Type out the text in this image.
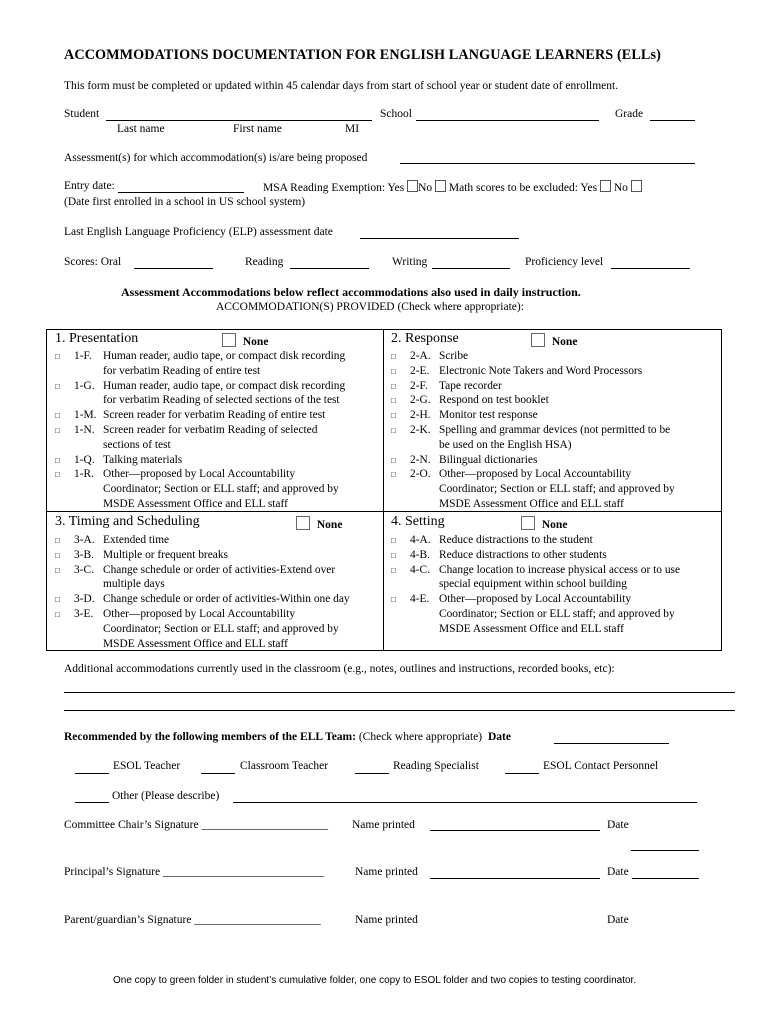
ACCOMMODATIONS DOCUMENTATION FOR ENGLISH LANGUAGE LEARNERS (ELLs)
This form must be completed or updated within 45 calendar days from start of school year or student date of enrollment.
Student
Last name	First name	MI
School	Grade
Assessment(s) for which accommodation(s) is/are being proposed
Entry date:
(Date first enrolled in a school in US school system)
MSA Reading Exemption: Yes No Math scores to be excluded: Yes No
Last English Language Proficiency (ELP) assessment date
Scores: Oral	Reading	Writing	Proficiency level
Assessment Accommodations below reflect accommodations also used in daily instruction.
ACCOMMODATION(S) PROVIDED (Check where appropriate):
1. Presentation	None	2. Response	None
3. Timing and Scheduling	None	4. Setting	None
□ 1-F. Human reader, audio tape, or compact disk recording
for verbatim Reading of entire test
□ 1-G. Human reader, audio tape, or compact disk recording
for verbatim Reading of selected sections of the test
□ 1-M. Screen reader for verbatim Reading of entire test
□ 1-N. Screen reader for verbatim Reading of selected
sections of test
□ 1-Q. Talking materials
□ 1-R. Other—proposed by Local Accountability
Coordinator; Section or ELL staff; and approved by
MSDE Assessment Office and ELL staff
□ 2-A. Scribe
□ 2-E. Electronic Note Takers and Word Processors
□ 2-F. Tape recorder
□ 2-G. Respond on test booklet
□ 2-H. Monitor test response
□ 2-K. Spelling and grammar devices (not permitted to be
be used on the English HSA)
□ 2-N. Bilingual dictionaries
□ 2-O. Other—proposed by Local Accountability
Coordinator; Section or ELL staff; and approved by
MSDE Assessment Office and ELL staff
□ 3-A. Extended time
□ 3-B. Multiple or frequent breaks
□ 3-C. Change schedule or order of activities-Extend over
multiple days
□ 3-D. Change schedule or order of activities-Within one day
□ 3-E. Other—proposed by Local Accountability
Coordinator; Section or ELL staff; and approved by
MSDE Assessment Office and ELL staff
□ 4-A. Reduce distractions to the student
□ 4-B. Reduce distractions to other students
□ 4-C. Change location to increase physical access or to use
special equipment within school building
□ 4-E. Other—proposed by Local Accountability
Coordinator; Section or ELL staff; and approved by
MSDE Assessment Office and ELL staff
Additional accommodations currently used in the classroom (e.g., notes, outlines and instructions, recorded books, etc):
Recommended by the following members of the ELL Team: (Check where appropriate) Date
ESOL Teacher	Classroom Teacher	Reading Specialist	ESOL Contact Personnel
Other (Please describe)
Committee Chair’s Signature ______________________ Name printed	Date
Principal’s Signature ____________________________	Name printed	Date
Parent/guardian’s Signature ______________________	Name printed	Date
One copy to green folder in student’s cumulative folder, one copy to ESOL folder and two copies to testing coordinator.
